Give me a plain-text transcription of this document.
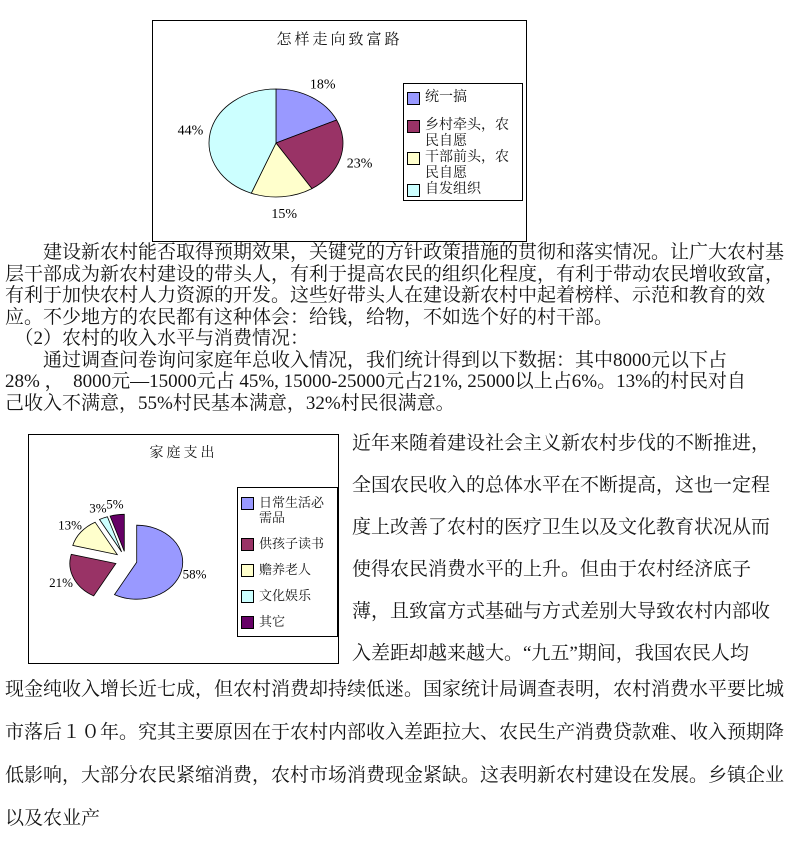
怎样走向致富路
18%
23%
15%
44%
统一搞
乡村牵头，农民自愿
干部前头，农民自愿
自发组织
　　建设新农村能否取得预期效果，关键党的方针政策措施的贯彻和落实情况。让广大农村基
层干部成为新农村建设的带头人，有利于提高农民的组织化程度，有利于带动农民增收致富，
有利于加快农村人力资源的开发。这些好带头人在建设新农村中起着榜样、示范和教育的效
应。不少地方的农民都有这种体会：给钱，给物，不如选个好的村干部。
　（2）农村的收入水平与消费情况：
　　通过调查问卷询问家庭年总收入情况，我们统计得到以下数据：其中8000元以下占
28% ，  8000元—15000元占 45%, 15000-25000元占21%, 25000以上占6%。13%的村民对自
己收入不满意，55%村民基本满意，32%村民很满意。
家庭支出
58%
21%
13%
3% 5%	日常生活必需品
供孩子读书
赡养老人
文化娱乐
其它
近年来随着建设社会主义新农村步伐的不断推进，
全国农民收入的总体水平在不断提高，这也一定程
度上改善了农村的医疗卫生以及文化教育状况从而
使得农民消费水平的上升。但由于农村经济底子
薄，且致富方式基础与方式差别大导致农村内部收
入差距却越来越大。“九五”期间，我国农民人均
现金纯收入增长近七成，但农村消费却持续低迷。国家统计局调查表明，农村消费水平要比城
市落后１０年。究其主要原因在于农村内部收入差距拉大、农民生产消费贷款难、收入预期降
低影响，大部分农民紧缩消费，农村市场消费现金紧缺。这表明新农村建设在发展。乡镇企业
以及农业产
